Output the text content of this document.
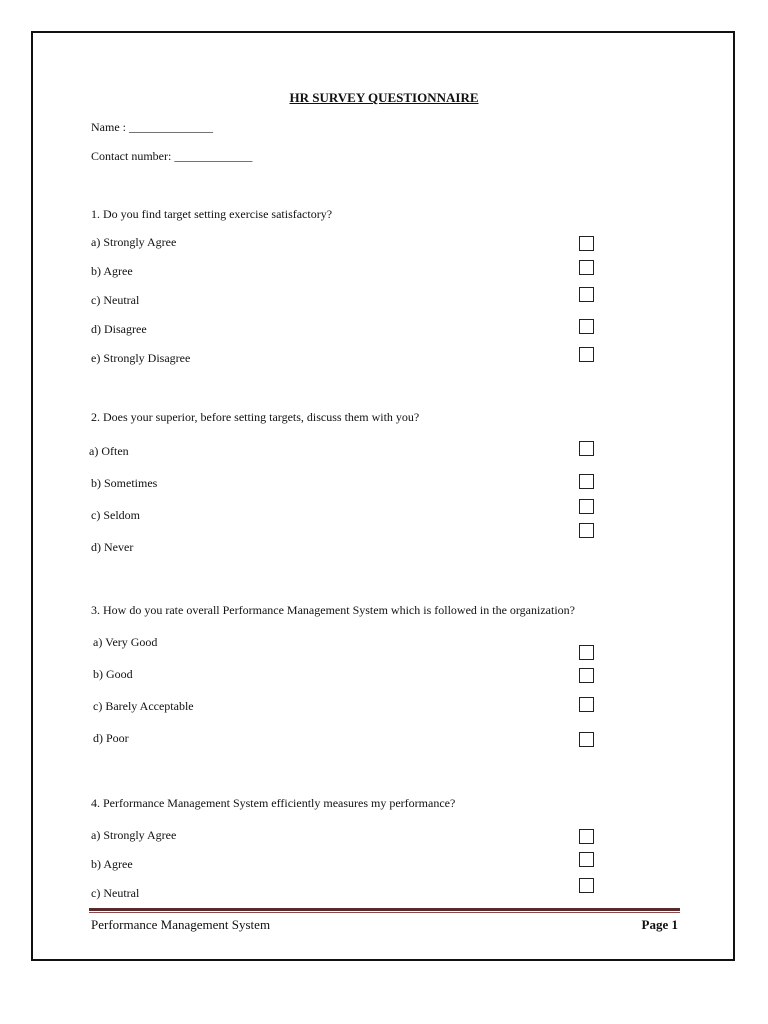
HR SURVEY QUESTIONNAIRE
Name : ______________
Contact number: _____________
1. Do you find target setting exercise satisfactory?
a) Strongly Agree
b) Agree
c) Neutral
d) Disagree
e) Strongly Disagree
2. Does your superior, before setting targets, discuss them with you?
a) Often
b) Sometimes
c) Seldom
d) Never
3. How do you rate overall Performance Management System which is followed in the organization?
a) Very Good
b) Good
c) Barely Acceptable
d) Poor
4. Performance Management System efficiently measures my performance?
a) Strongly Agree
b) Agree
c) Neutral
Performance Management System	Page 1
